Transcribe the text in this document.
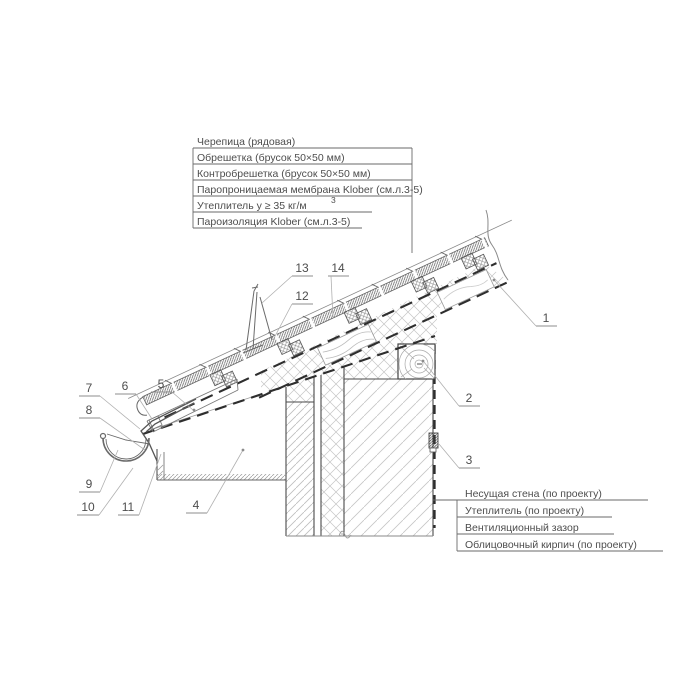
Черепица (рядовая)
Обрешетка (брусок 50×50 мм)
Контробрешетка (брусок 50×50 мм)
Паропроницаемая мембрана Klober (см.л.3-5)
Утеплитель у ≥ 35 кг/м	3
Пароизоляция Klober (см.л.3-5)
Несущая стена (по проекту)
Утеплитель (по проекту)
Вентиляционный зазор
Облицовочный кирпич (по проекту)
1
2
3
4
5
6
7
8
9
10 11
12
13 14
